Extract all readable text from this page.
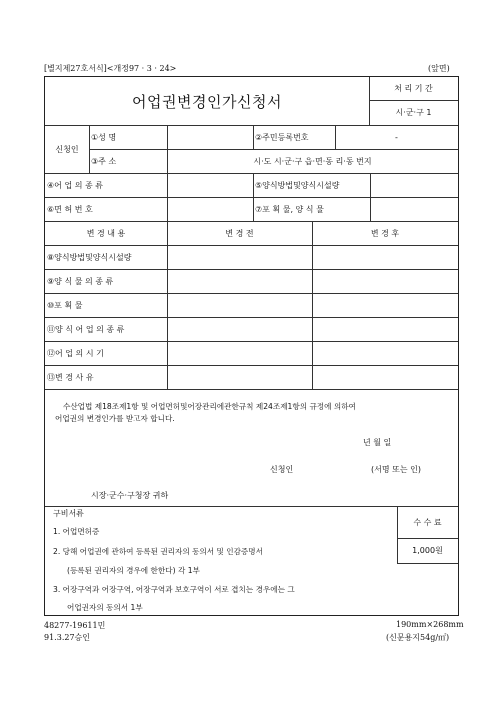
[별지제27호서식]<개정97 · 3 · 24>	(앞면)
어업권변경인가신청서
처 리 기 간
시·군·구 1
신청인
①성 명	②주민등록번호	-
③주 소	시·도 시·군·구 읍·면·동 리·동 번지
④어 업 의 종 류	⑤양식방법및양식시설량
⑥면 허 번 호	⑦포 획 물, 양 식 물
변 경 내 용	변 경 전	변 경 후
⑧양식방법및양식시설량
⑨양 식 물 의 종 류
⑩포 획 물
⑪양 식 어 업 의 종 류
⑫어 업 의 시 기
⑬변 경 사 유
수산업법 제18조제1항 및 어업면허및어장관리에관한규칙 제24조제1항의 규정에 의하여
어업권의 변경인가를 받고자 합니다.
년 월 일
신청인	(서명 또는 인)
시장·군수·구청장 귀하
구비서류
수 수 료
1,000원
1. 어업면허증
2. 당해 어업권에 관하여 등록된 권리자의 동의서 및 인감증명서
(등록된 권리자의 경우에 한한다) 각 1부
3. 어장구역과 어장구역, 어장구역과 보호구역이 서로 겹치는 경우에는 그
어업권자의 동의서 1부
48277-19611민
91.3.27승인
190mm×268mm
(신문용지54g/㎡)
